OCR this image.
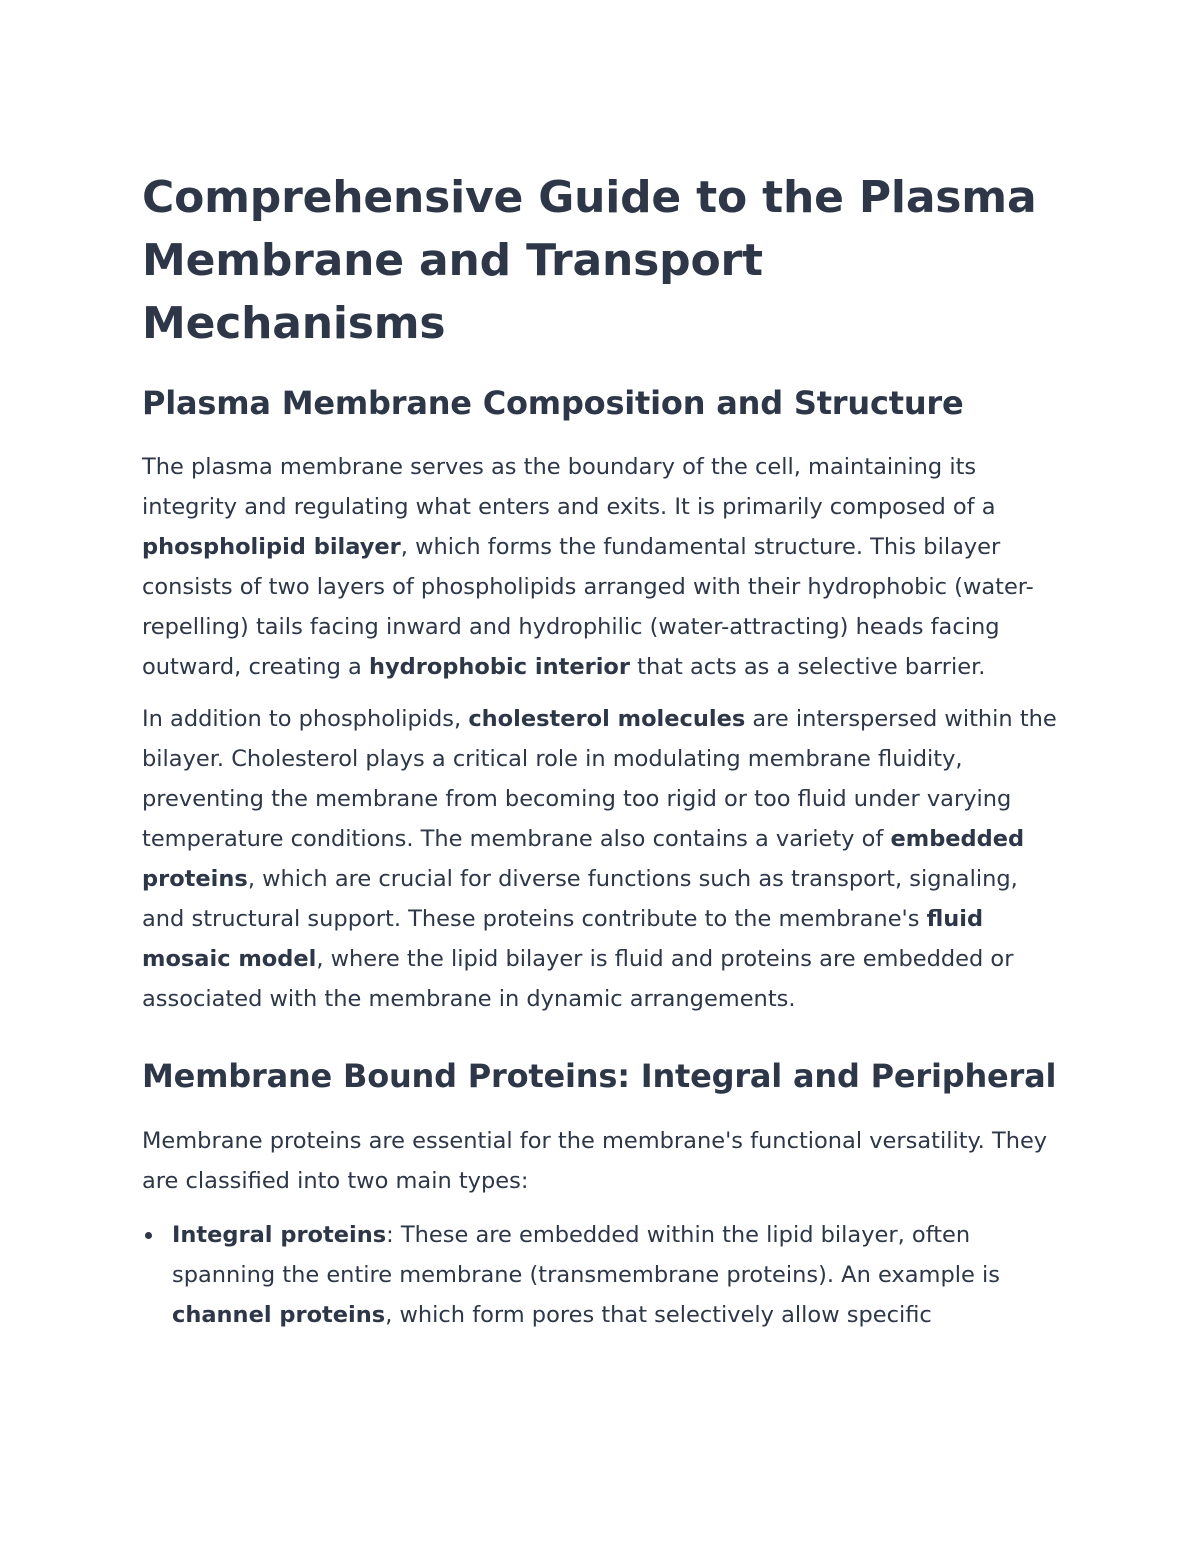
Comprehensive Guide to the Plasma Membrane and Transport Mechanisms
Plasma Membrane Composition and Structure

The plasma membrane serves as the boundary of the cell, maintaining its integrity and regulating what enters and exits. It is primarily composed of a phospholipid bilayer, which forms the fundamental structure. This bilayer consists of two layers of phospholipids arranged with their hydrophobic (water-repelling) tails facing inward and hydrophilic (water-attracting) heads facing outward, creating a hydrophobic interior that acts as a selective barrier.

In addition to phospholipids, cholesterol molecules are interspersed within the bilayer. Cholesterol plays a critical role in modulating membrane fluidity, preventing the membrane from becoming too rigid or too fluid under varying temperature conditions. The membrane also contains a variety of embedded proteins, which are crucial for diverse functions such as transport, signaling, and structural support. These proteins contribute to the membrane's fluid mosaic model, where the lipid bilayer is fluid and proteins are embedded or associated with the membrane in dynamic arrangements.

Membrane Bound Proteins: Integral and Peripheral

Membrane proteins are essential for the membrane's functional versatility. They are classified into two main types:

Integral proteins: These are embedded within the lipid bilayer, often spanning the entire membrane (transmembrane proteins). An example is channel proteins, which form pores that selectively allow specific
